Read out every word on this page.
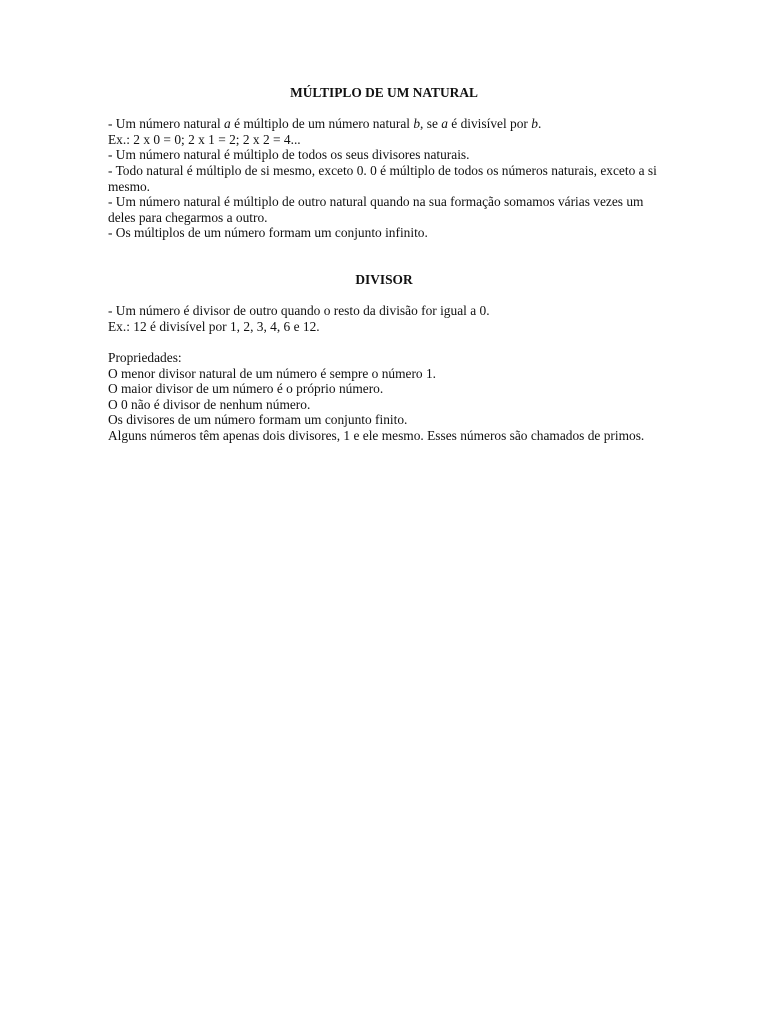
MÚLTIPLO DE UM NATURAL

- Um número natural a é múltiplo de um número natural b, se a é divisível por b.

Ex.: 2 x 0 = 0; 2 x 1 = 2; 2 x 2 = 4...

- Um número natural é múltiplo de todos os seus divisores naturais.

- Todo natural é múltiplo de si mesmo, exceto 0. 0 é múltiplo de todos os números naturais, exceto a si mesmo.

- Um número natural é múltiplo de outro natural quando na sua formação somamos várias vezes um deles para chegarmos a outro.

- Os múltiplos de um número formam um conjunto infinito.

DIVISOR

- Um número é divisor de outro quando o resto da divisão for igual a 0.

Ex.: 12 é divisível por 1, 2, 3, 4, 6 e 12.

Propriedades:

O menor divisor natural de um número é sempre o número 1.

O maior divisor de um número é o próprio número.

O 0 não é divisor de nenhum número.

Os divisores de um número formam um conjunto finito.

Alguns números têm apenas dois divisores, 1 e ele mesmo. Esses números são chamados de primos.
